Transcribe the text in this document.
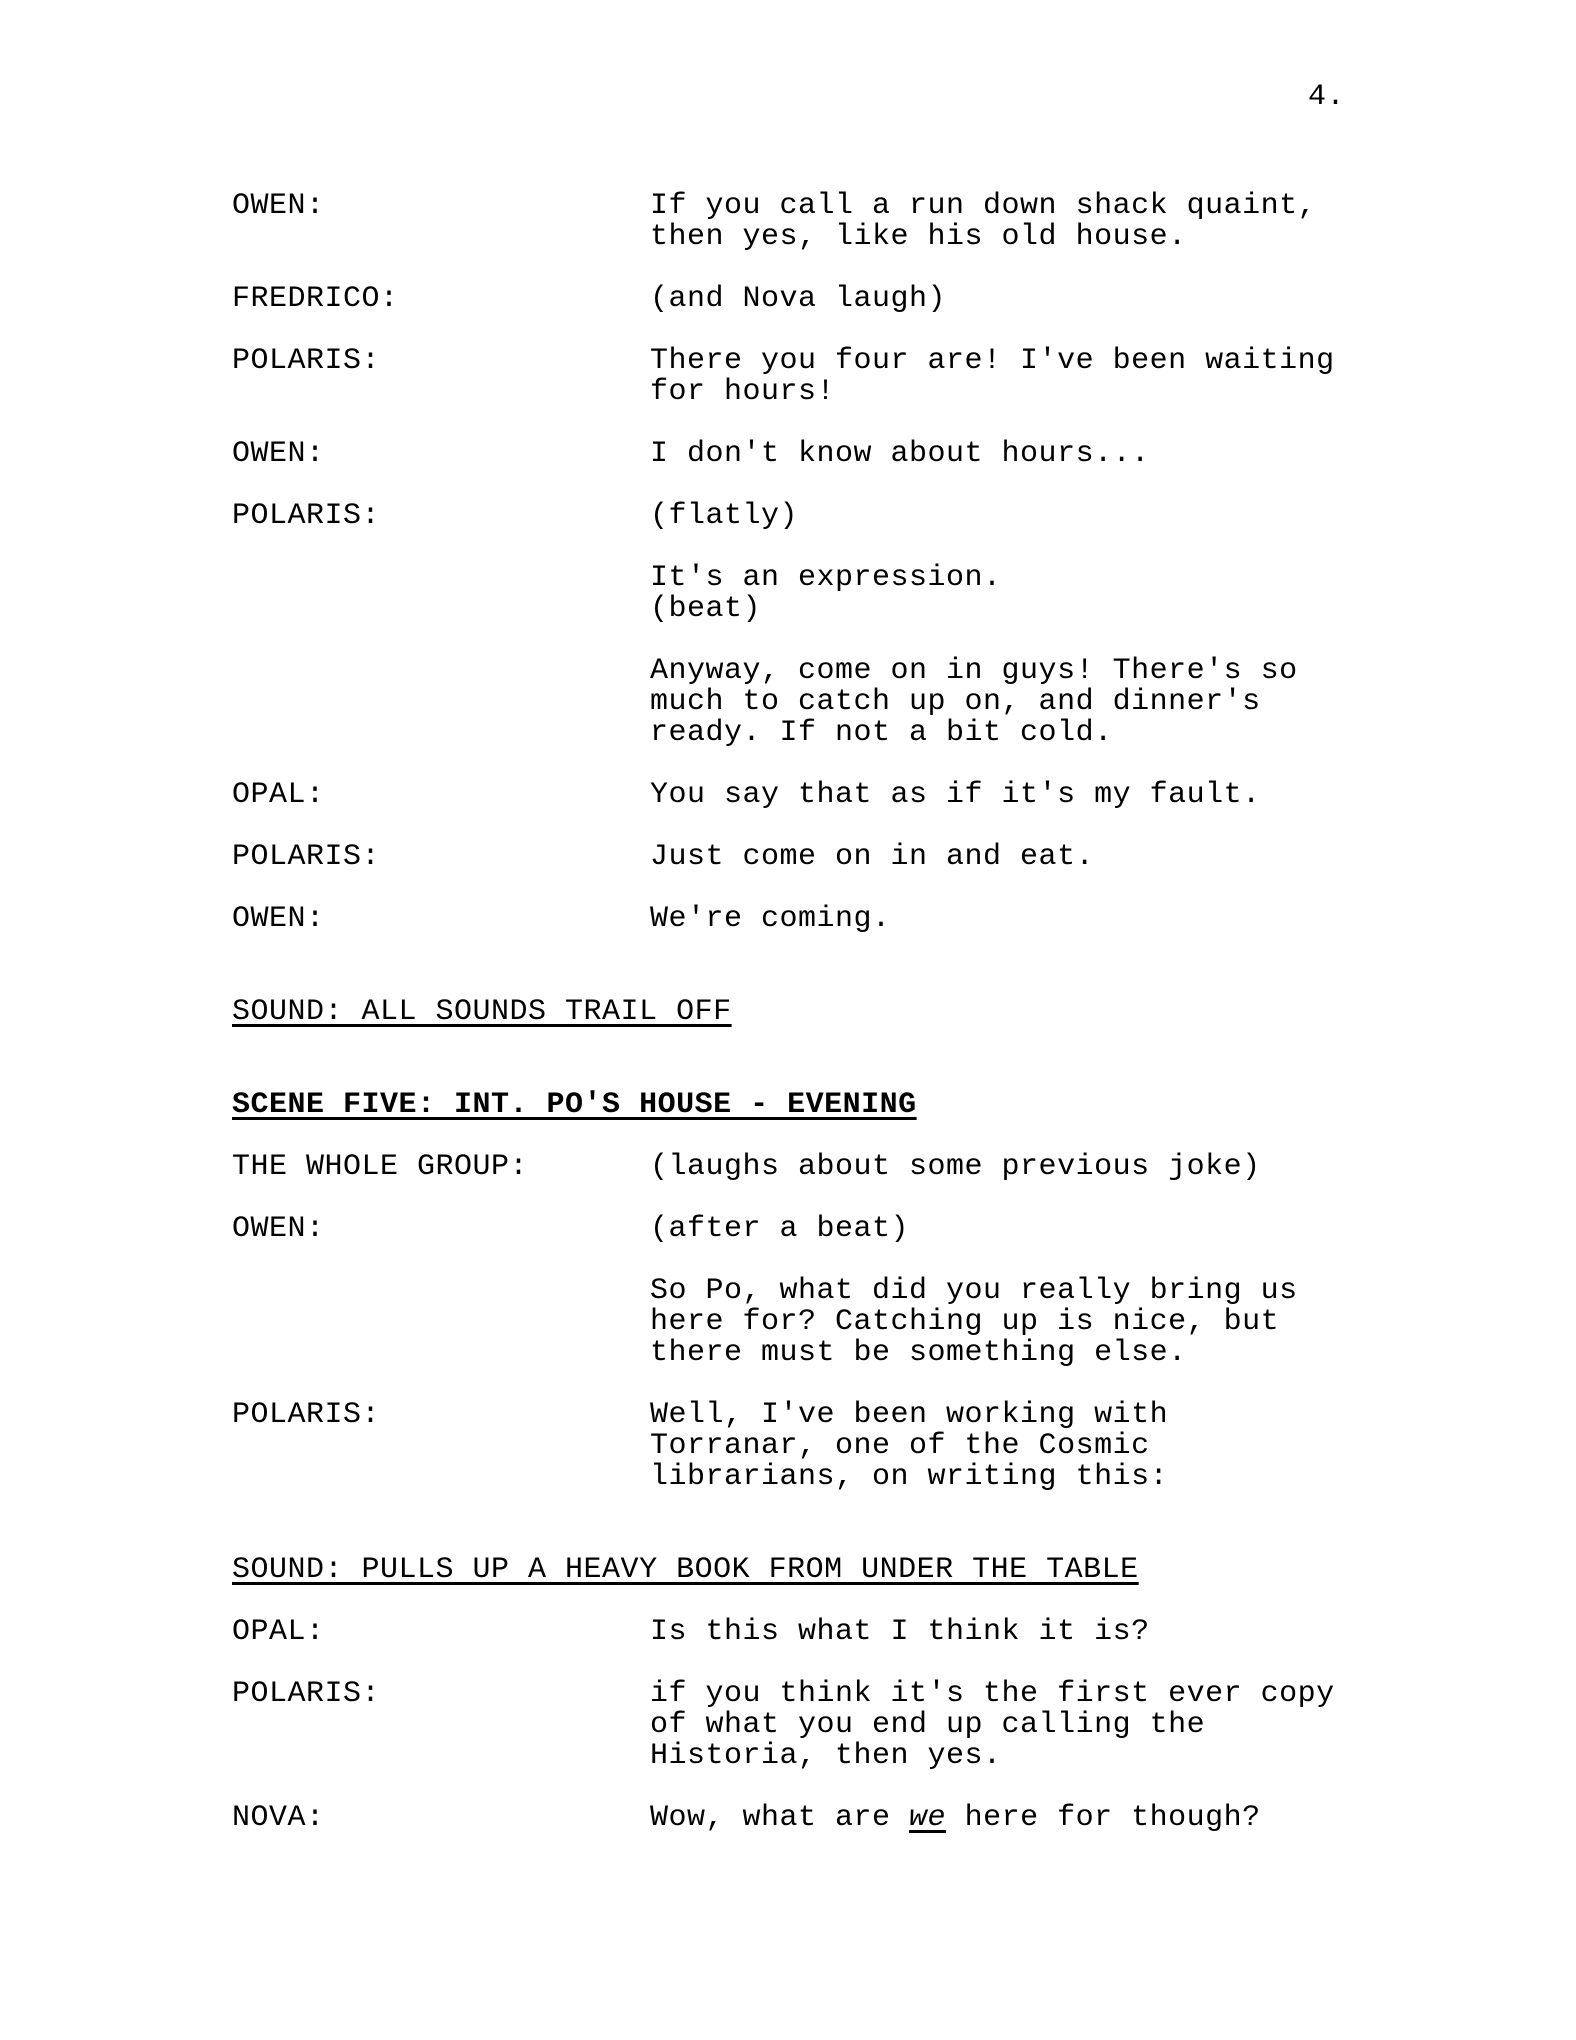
4.
OWEN:	If you call a run down shack quaint,
then yes, like his old house.
FREDRICO:	(and Nova laugh)
POLARIS:	There you four are! I've been waiting
for hours!
OWEN:	I don't know about hours...
POLARIS:	(flatly)
It's an expression.
(beat)
Anyway, come on in guys! There's so
much to catch up on, and dinner's
ready. If not a bit cold.
OPAL:	You say that as if it's my fault.
POLARIS:	Just come on in and eat.
OWEN:	We're coming.
SOUND: ALL SOUNDS TRAIL OFF
SCENE FIVE: INT. PO'S HOUSE - EVENING
THE WHOLE GROUP:	(laughs about some previous joke)
OWEN:	(after a beat)
So Po, what did you really bring us
here for? Catching up is nice, but
there must be something else.
POLARIS:	Well, I've been working with
Torranar, one of the Cosmic
librarians, on writing this:
SOUND: PULLS UP A HEAVY BOOK FROM UNDER THE TABLE
OPAL:	Is this what I think it is?
POLARIS:	if you think it's the first ever copy
of what you end up calling the
Historia, then yes.
NOVA:	Wow, what are we here for though?
